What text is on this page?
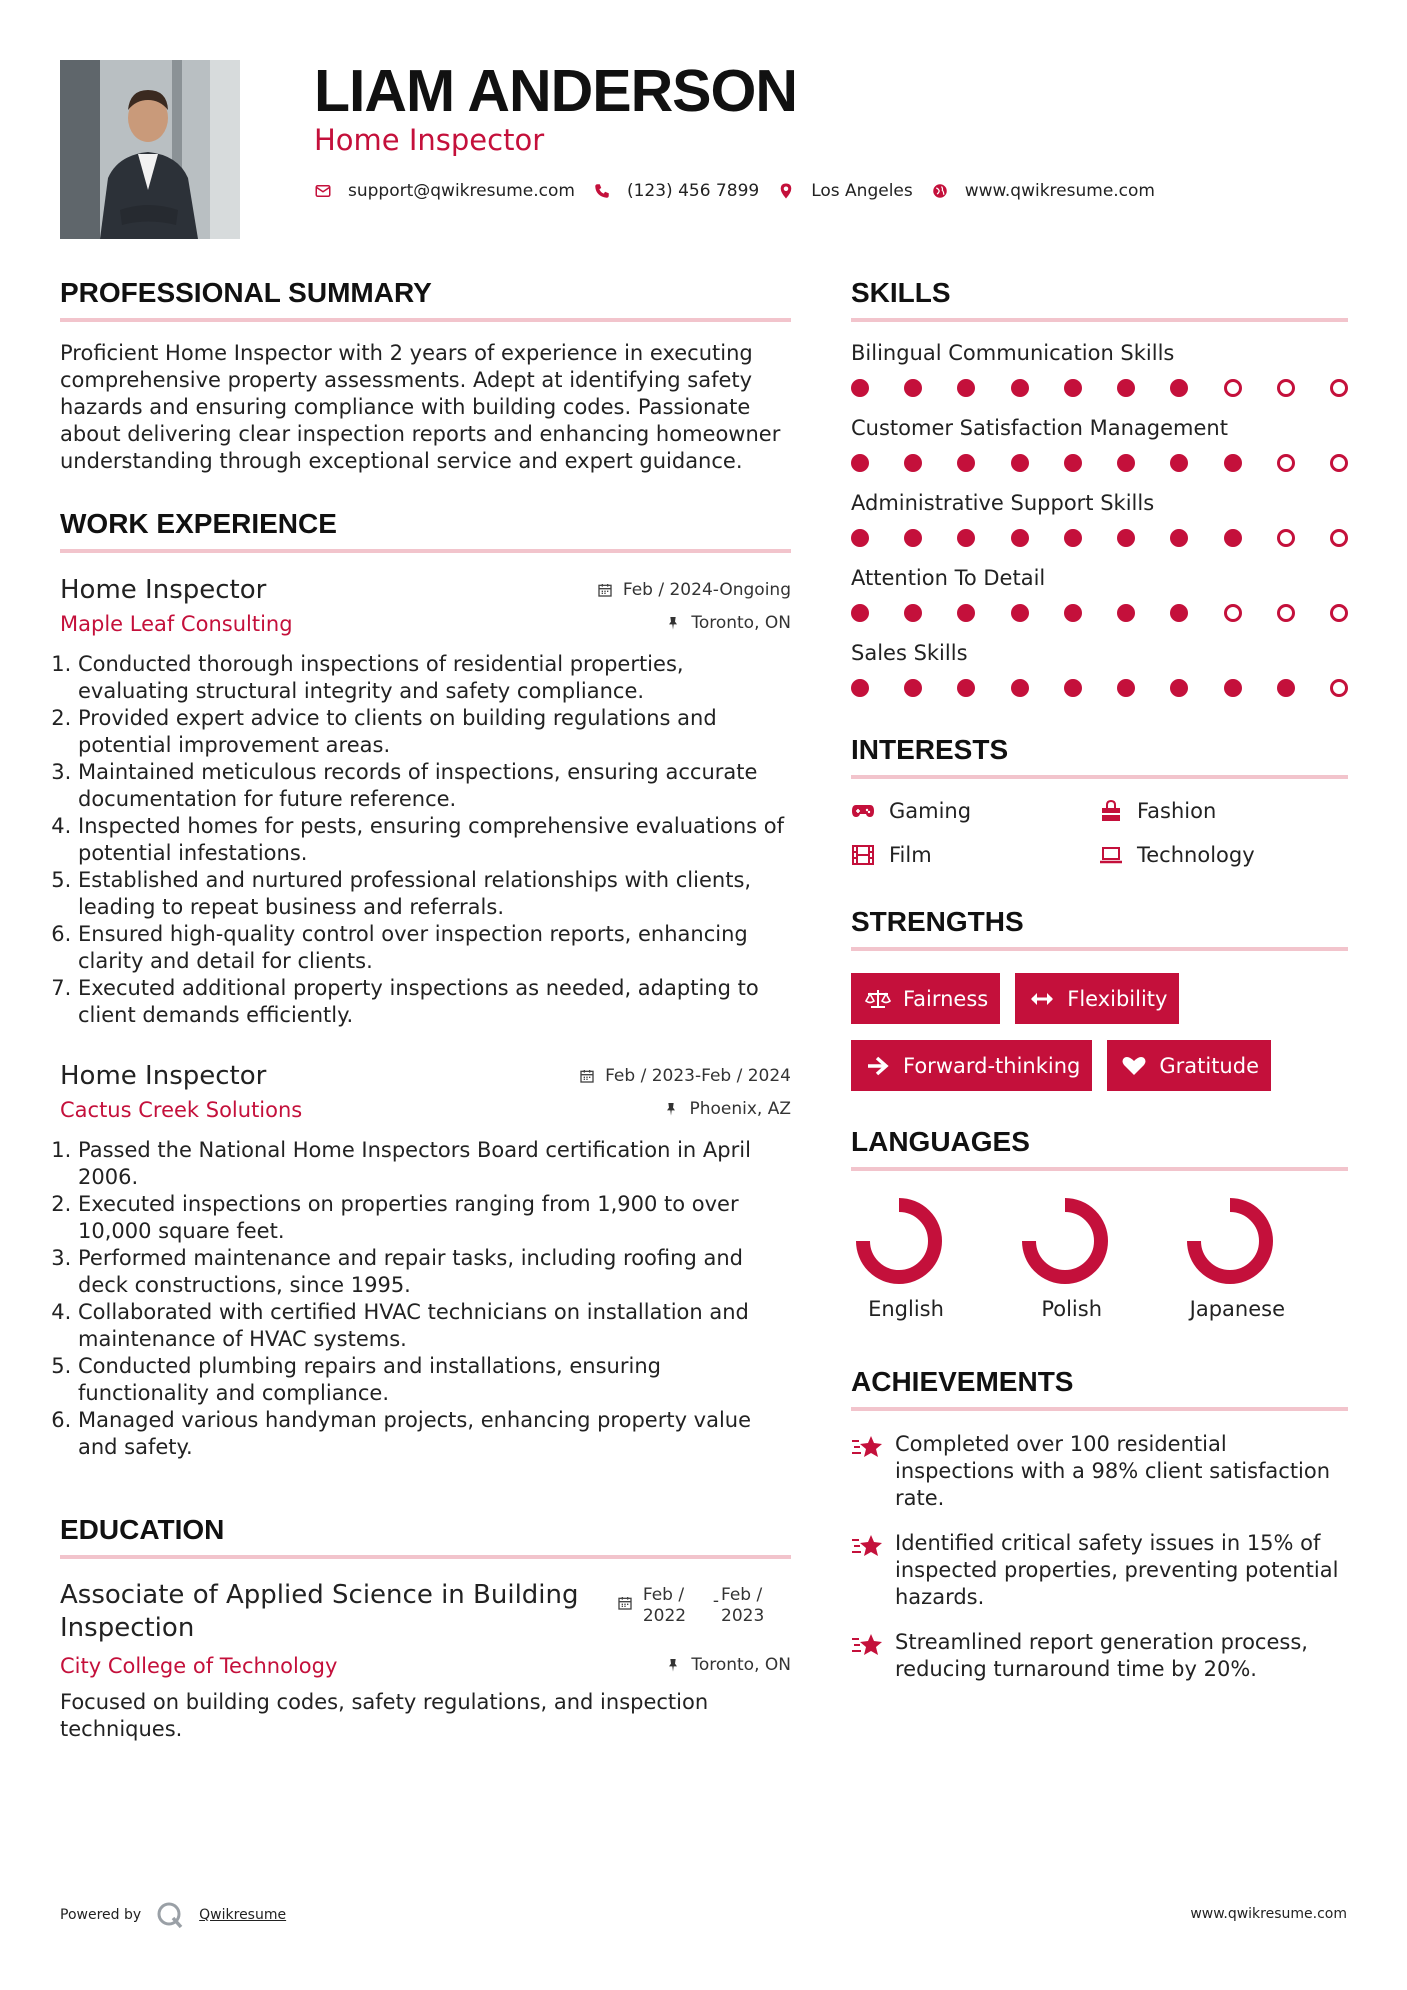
LIAM ANDERSON
Home Inspector
support@qwikresume.com	(123) 456 7899	Los Angeles	www.qwikresume.com
PROFESSIONAL SUMMARY
Proficient Home Inspector with 2 years of experience in executing comprehensive property assessments. Adept at identifying safety hazards and ensuring compliance with building codes. Passionate about delivering clear inspection reports and enhancing homeowner understanding through exceptional service and expert guidance.
WORK EXPERIENCE
Home Inspector	Feb / 2024-Ongoing
Maple Leaf Consulting	Toronto, ON
1. Conducted thorough inspections of residential properties, evaluating structural integrity and safety compliance.
2. Provided expert advice to clients on building regulations and potential improvement areas.
3. Maintained meticulous records of inspections, ensuring accurate documentation for future reference.
4. Inspected homes for pests, ensuring comprehensive evaluations of potential infestations.
5. Established and nurtured professional relationships with clients, leading to repeat business and referrals.
6. Ensured high-quality control over inspection reports, enhancing clarity and detail for clients.
7. Executed additional property inspections as needed, adapting to client demands efficiently.
Home Inspector	Feb / 2023-Feb / 2024
Cactus Creek Solutions	Phoenix, AZ
1. Passed the National Home Inspectors Board certification in April 2006.
2. Executed inspections on properties ranging from 1,900 to over 10,000 square feet.
3. Performed maintenance and repair tasks, including roofing and deck constructions, since 1995.
4. Collaborated with certified HVAC technicians on installation and maintenance of HVAC systems.
5. Conducted plumbing repairs and installations, ensuring functionality and compliance.
6. Managed various handyman projects, enhancing property value and safety.
EDUCATION
Associate of Applied Science in Building Inspection
Feb / 2022
- Feb / 2023
City College of Technology	Toronto, ON
Focused on building codes, safety regulations, and inspection techniques.
SKILLS
Bilingual Communication Skills
Customer Satisfaction Management
Administrative Support Skills
Attention To Detail
Sales Skills
INTERESTS
Gaming	Fashion
Film	Technology
STRENGTHS
Fairness	Flexibility
Forward-thinking	Gratitude
LANGUAGES
English	Polish	Japanese
ACHIEVEMENTS
Completed over 100 residential inspections with a 98% client satisfaction rate.
Identified critical safety issues in 15% of inspected properties, preventing potential hazards.
Streamlined report generation process, reducing turnaround time by 20%.
Powered by	Qwikresume	www.qwikresume.com
